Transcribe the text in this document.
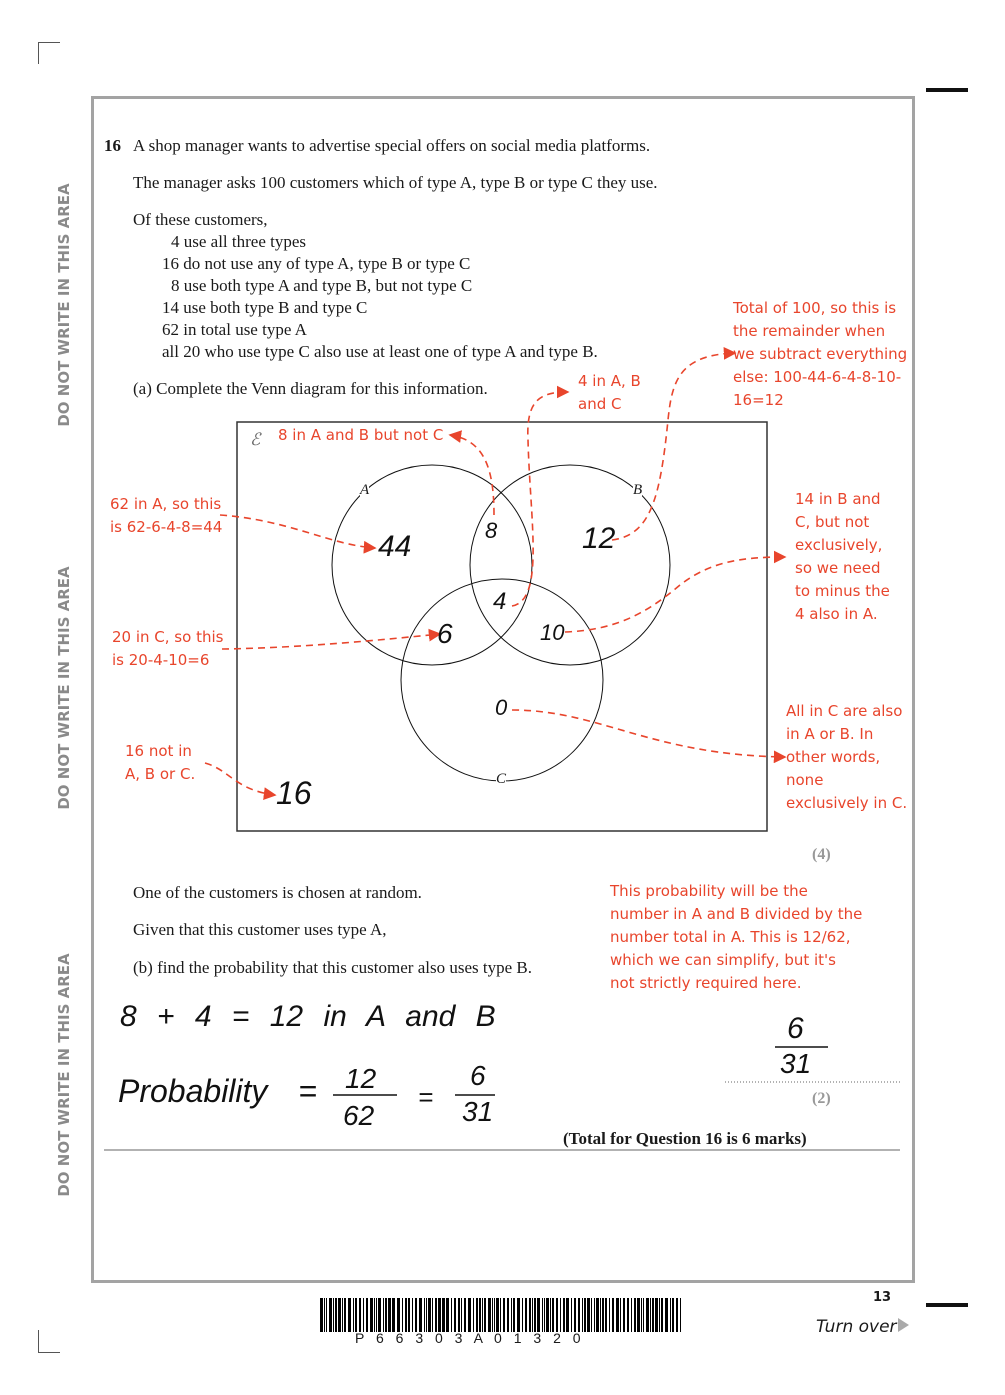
DO NOT WRITE IN THIS AREA
DO NOT WRITE IN THIS AREA
DO NOT WRITE IN THIS AREA
16 A shop manager wants to advertise special offers on social media platforms.
The manager asks 100 customers which of type A, type B or type C they use.
Of these customers,
4 use all three types
16 do not use any of type A, type B or type C
8 use both type A and type B, but not type C
14 use both type B and type C
62 in total use type A
all 20 who use type C also use at least one of type A and type B.
(a) Complete the Venn diagram for this information.
ℰ
A	B
C
44	8	12
4
6	10
0
16
8 in A and B but not C
4 in A, B and C
Total of 100, so this is the remainder when we subtract everything else: 100-44-6-4-8-10-16=12
62 in A, so this is 62-6-4-8=44
14 in B and C, but not exclusively, so we need to minus the 4 also in A.
20 in C, so this is 20-4-10=6
All in C are also in A or B. In other words, none exclusively in C.
16 not in A, B or C.
This probability will be the number in A and B divided by the number total in A. This is 12/62, which we can simplify, but it's not strictly required here.
(4)
One of the customers is chosen at random.
Given that this customer uses type A,
(b) find the probability that this customer also uses type B.
8 + 4 = 12 in A and B
Probability = 12
62
=
6
31
6
31
(2)
(Total for Question 16 is 6 marks)
P 6 6 3 0 3 A 0 1 3 2 0
13
Turn over
